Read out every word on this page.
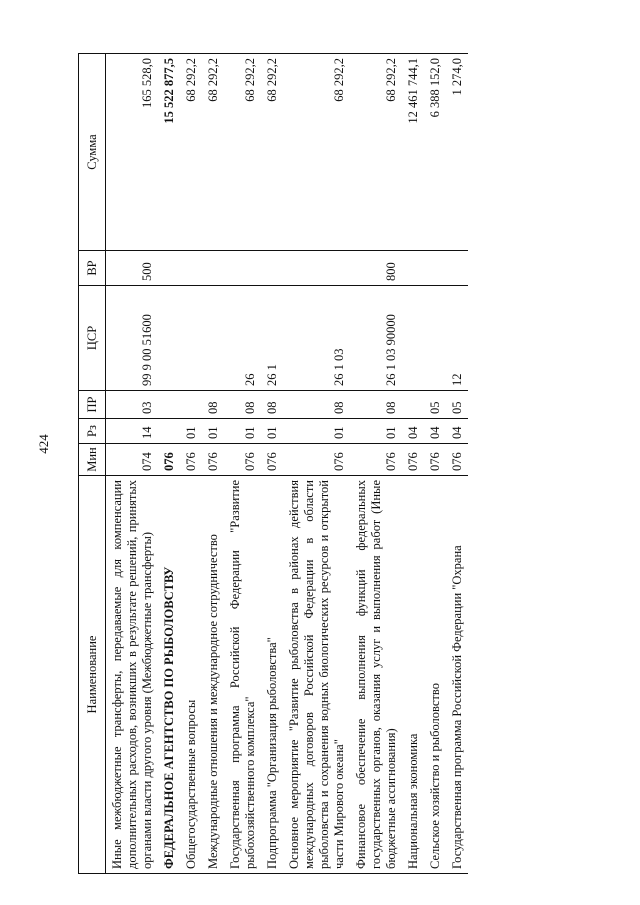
424
Наименование	Мин	Рз	ПР	ЦСР	ВР	Сумма
Иные межбюджетные трансферты, передаваемые для компенсации дополнительных расходов, возникших в результате решений, принятых органами власти другого уровня (Межбюджетные трансферты)	074	14	03	99 9 00 51600	500	165 528,0
ФЕДЕРАЛЬНОЕ АГЕНТСТВО ПО РЫБОЛОВСТВУ	076					15 522 877,5
Общегосударственные вопросы	076	01				68 292,2
Международные отношения и международное сотрудничество	076	01	08			68 292,2
Государственная программа Российской Федерации "Развитие рыбохозяйственного комплекса"	076	01	08	26		68 292,2
Подпрограмма "Организация рыболовства"	076	01	08	26 1		68 292,2
Основное мероприятие "Развитие рыболовства в районах действия международных договоров Российской Федерации в области рыболовства и сохранения водных биологических ресурсов и открытой части Мирового океана"	076	01	08	26 1 03		68 292,2
Финансовое обеспечение выполнения функций федеральных государственных органов, оказания услуг и выполнения работ (Иные бюджетные ассигнования)	076	01	08	26 1 03 90000	800	68 292,2
Национальная экономика	076	04				12 461 744,1
Сельское хозяйство и рыболовство	076	04	05			6 388 152,0
Государственная программа Российской Федерации "Охрана	076	04	05	12		1 274,0
